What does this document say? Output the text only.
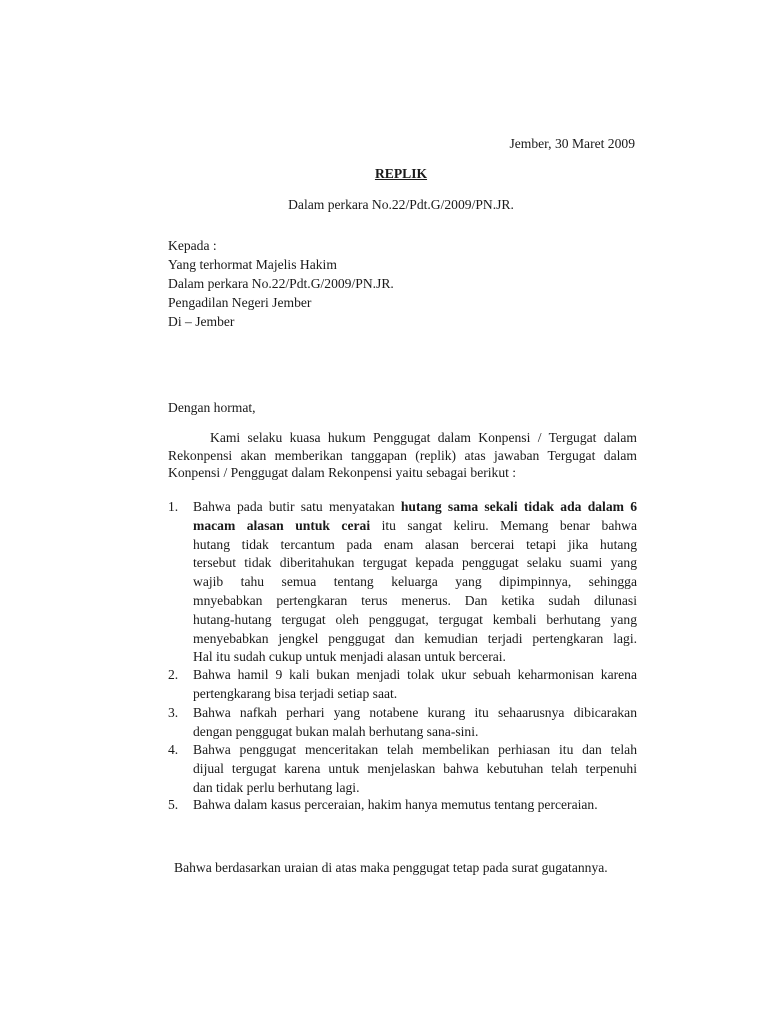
Jember, 30 Maret 2009
REPLIK
Dalam perkara No.22/Pdt.G/2009/PN.JR.
Kepada :
Yang terhormat Majelis Hakim
Dalam perkara No.22/Pdt.G/2009/PN.JR.
Pengadilan Negeri Jember
Di – Jember
Dengan hormat,
Kami selaku kuasa hukum Penggugat dalam Konpensi / Tergugat dalam
Rekonpensi akan memberikan tanggapan (replik) atas jawaban Tergugat dalam
Konpensi / Penggugat dalam Rekonpensi yaitu sebagai berikut :
1. Bahwa pada butir satu menyatakan hutang sama sekali tidak ada dalam 6
macam alasan untuk cerai itu sangat keliru. Memang benar bahwa
hutang tidak tercantum pada enam alasan bercerai tetapi jika hutang
tersebut tidak diberitahukan tergugat kepada penggugat selaku suami yang
wajib tahu semua tentang keluarga yang dipimpinnya, sehingga
mnyebabkan pertengkaran terus menerus. Dan ketika sudah dilunasi
hutang-hutang tergugat oleh penggugat, tergugat kembali berhutang yang
menyebabkan jengkel penggugat dan kemudian terjadi pertengkaran lagi.
Hal itu sudah cukup untuk menjadi alasan untuk bercerai.
2. Bahwa hamil 9 kali bukan menjadi tolak ukur sebuah keharmonisan karena
pertengkarang bisa terjadi setiap saat.
3. Bahwa nafkah perhari yang notabene kurang itu sehaarusnya dibicarakan
dengan penggugat bukan malah berhutang sana-sini.
4. Bahwa penggugat menceritakan telah membelikan perhiasan itu dan telah
dijual tergugat karena untuk menjelaskan bahwa kebutuhan telah terpenuhi
dan tidak perlu berhutang lagi.
5. Bahwa dalam kasus perceraian, hakim hanya memutus tentang perceraian.
Bahwa berdasarkan uraian di atas maka penggugat tetap pada surat gugatannya.
